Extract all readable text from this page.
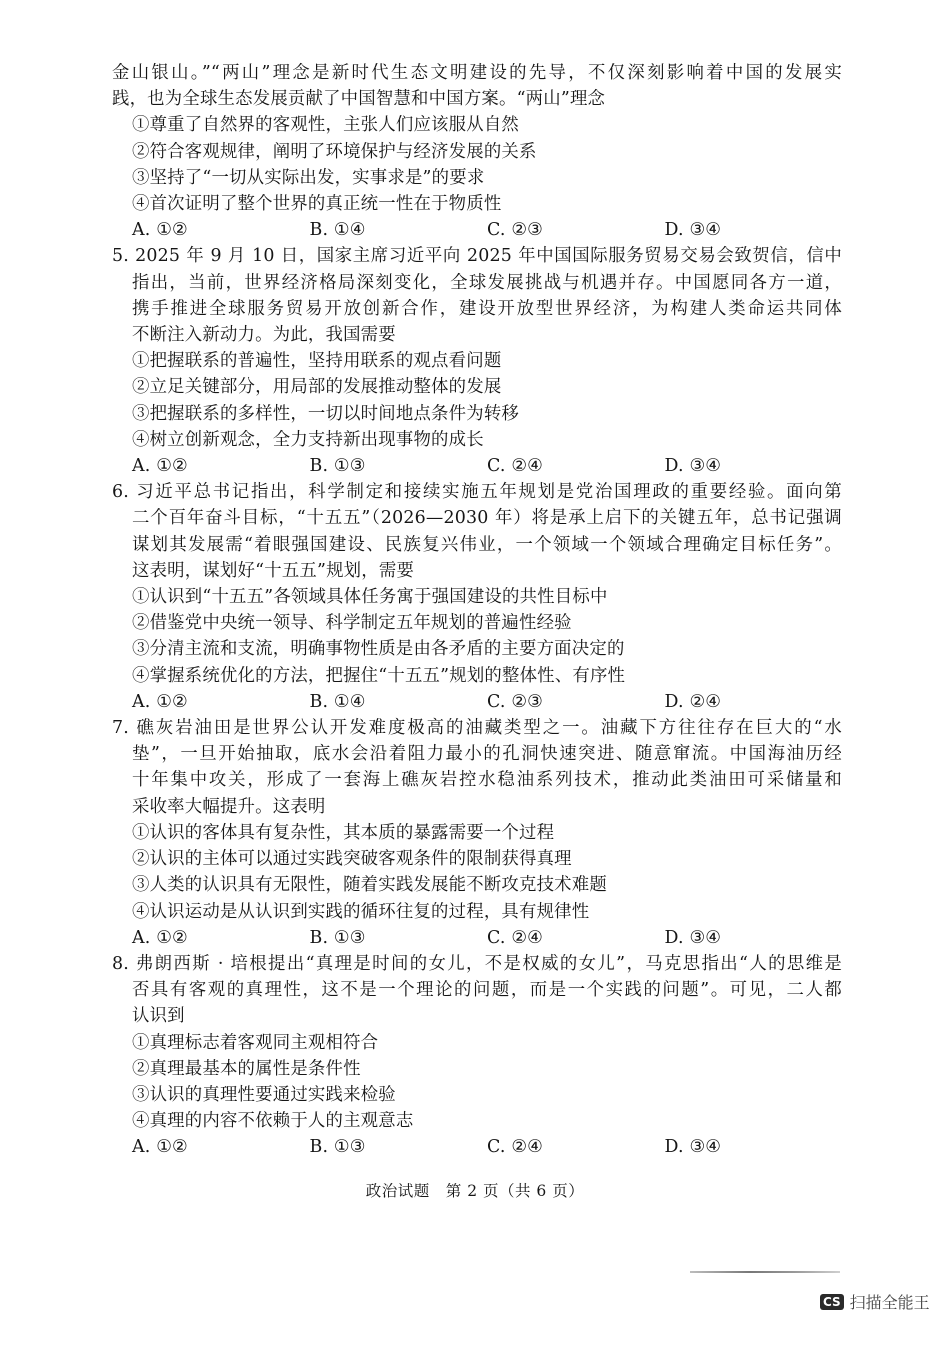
金山银山。”“两山”理念是新时代生态文明建设的先导，不仅深刻影响着中国的发展实
践，也为全球生态发展贡献了中国智慧和中国方案。“两山”理念
①尊重了自然界的客观性，主张人们应该服从自然
②符合客观规律，阐明了环境保护与经济发展的关系
③坚持了“一切从实际出发，实事求是”的要求
④首次证明了整个世界的真正统一性在于物质性
A. ①②	B. ①④	C. ②③	D. ③④
5. 2025 年 9 月 10 日，国家主席习近平向 2025 年中国国际服务贸易交易会致贺信，信中
指出，当前，世界经济格局深刻变化，全球发展挑战与机遇并存。中国愿同各方一道，
携手推进全球服务贸易开放创新合作，建设开放型世界经济，为构建人类命运共同体
不断注入新动力。为此，我国需要
①把握联系的普遍性，坚持用联系的观点看问题
②立足关键部分，用局部的发展推动整体的发展
③把握联系的多样性，一切以时间地点条件为转移
④树立创新观念，全力支持新出现事物的成长
A. ①②	B. ①③	C. ②④	D. ③④
6. 习近平总书记指出，科学制定和接续实施五年规划是党治国理政的重要经验。面向第
二个百年奋斗目标，“十五五”（2026—2030 年）将是承上启下的关键五年，总书记强调
谋划其发展需“着眼强国建设、民族复兴伟业，一个领域一个领域合理确定目标任务”。
这表明，谋划好“十五五”规划，需要
①认识到“十五五”各领域具体任务寓于强国建设的共性目标中
②借鉴党中央统一领导、科学制定五年规划的普遍性经验
③分清主流和支流，明确事物性质是由各矛盾的主要方面决定的
④掌握系统优化的方法，把握住“十五五”规划的整体性、有序性
A. ①②	B. ①④	C. ②③	D. ②④
7. 礁灰岩油田是世界公认开发难度极高的油藏类型之一。油藏下方往往存在巨大的“水
垫”，一旦开始抽取，底水会沿着阻力最小的孔洞快速突进、随意窜流。中国海油历经
十年集中攻关，形成了一套海上礁灰岩控水稳油系列技术，推动此类油田可采储量和
采收率大幅提升。这表明
①认识的客体具有复杂性，其本质的暴露需要一个过程
②认识的主体可以通过实践突破客观条件的限制获得真理
③人类的认识具有无限性，随着实践发展能不断攻克技术难题
④认识运动是从认识到实践的循环往复的过程，具有规律性
A. ①②	B. ①③	C. ②④	D. ③④
8. 弗朗西斯 · 培根提出“真理是时间的女儿，不是权威的女儿”，马克思指出“人的思维是
否具有客观的真理性，这不是一个理论的问题，而是一个实践的问题”。可见，二人都
认识到
①真理标志着客观同主观相符合
②真理最基本的属性是条件性
③认识的真理性要通过实践来检验
④真理的内容不依赖于人的主观意志
A. ①②	B. ①③	C. ②④	D. ③④
政治试题　第 2 页（共 6 页）
CS 扫描全能王
